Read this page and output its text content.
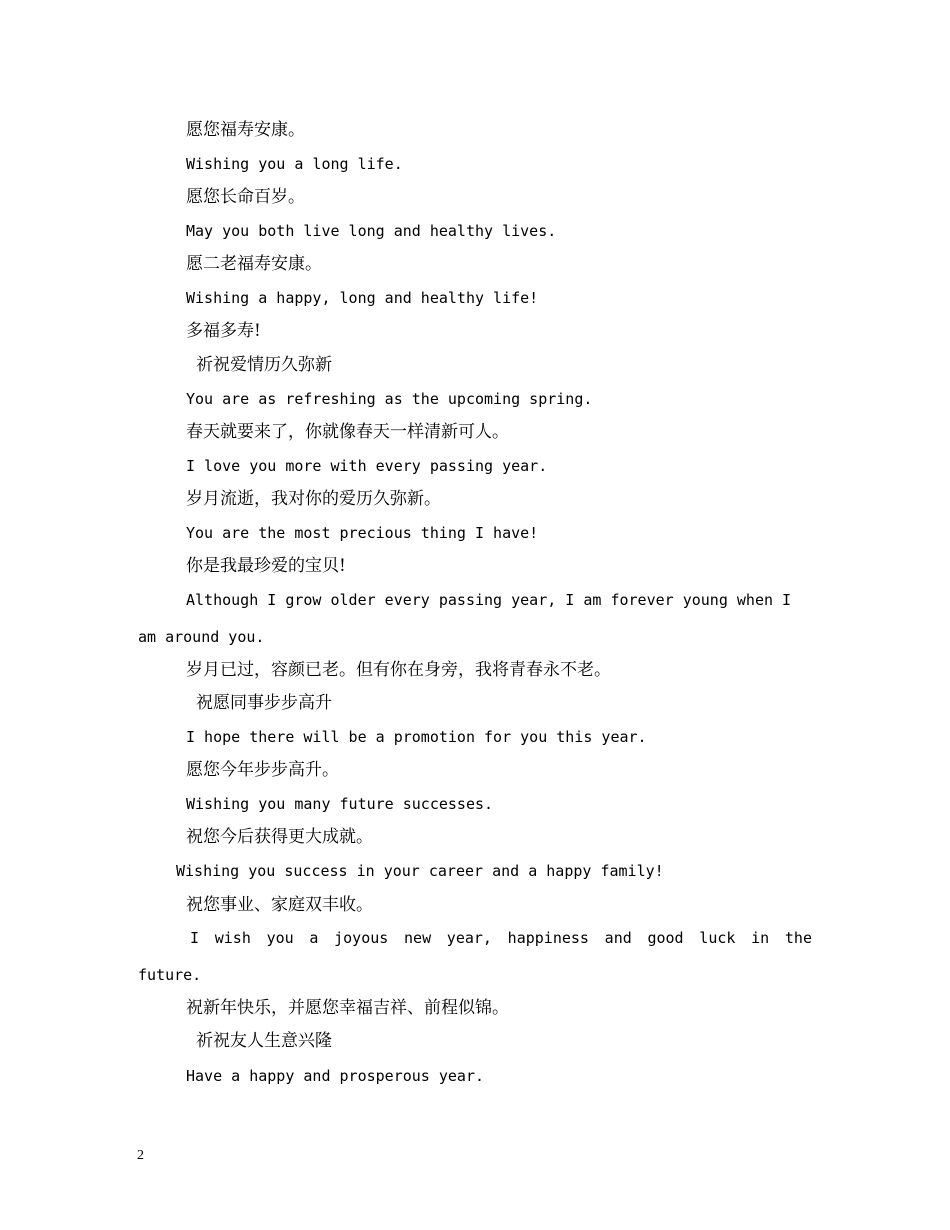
愿您福寿安康。
Wishing you a long life.
愿您长命百岁。
May you both live long and healthy lives.
愿二老福寿安康。
Wishing a happy, long and healthy life!
多福多寿!
祈祝爱情历久弥新
You are as refreshing as the upcoming spring.
春天就要来了，你就像春天一样清新可人。
I love you more with every passing year.
岁月流逝，我对你的爱历久弥新。
You are the most precious thing I have!
你是我最珍爱的宝贝!
Although I grow older every passing year, I am forever young when I
am around you.
岁月已过，容颜已老。但有你在身旁，我将青春永不老。
祝愿同事步步高升
I hope there will be a promotion for you this year.
愿您今年步步高升。
Wishing you many future successes.
祝您今后获得更大成就。
Wishing you success in your career and a happy family!
祝您事业、家庭双丰收。
I wish you a joyous new year, happiness and good luck in the
future.
祝新年快乐，并愿您幸福吉祥、前程似锦。
祈祝友人生意兴隆
Have a happy and prosperous year.
2
